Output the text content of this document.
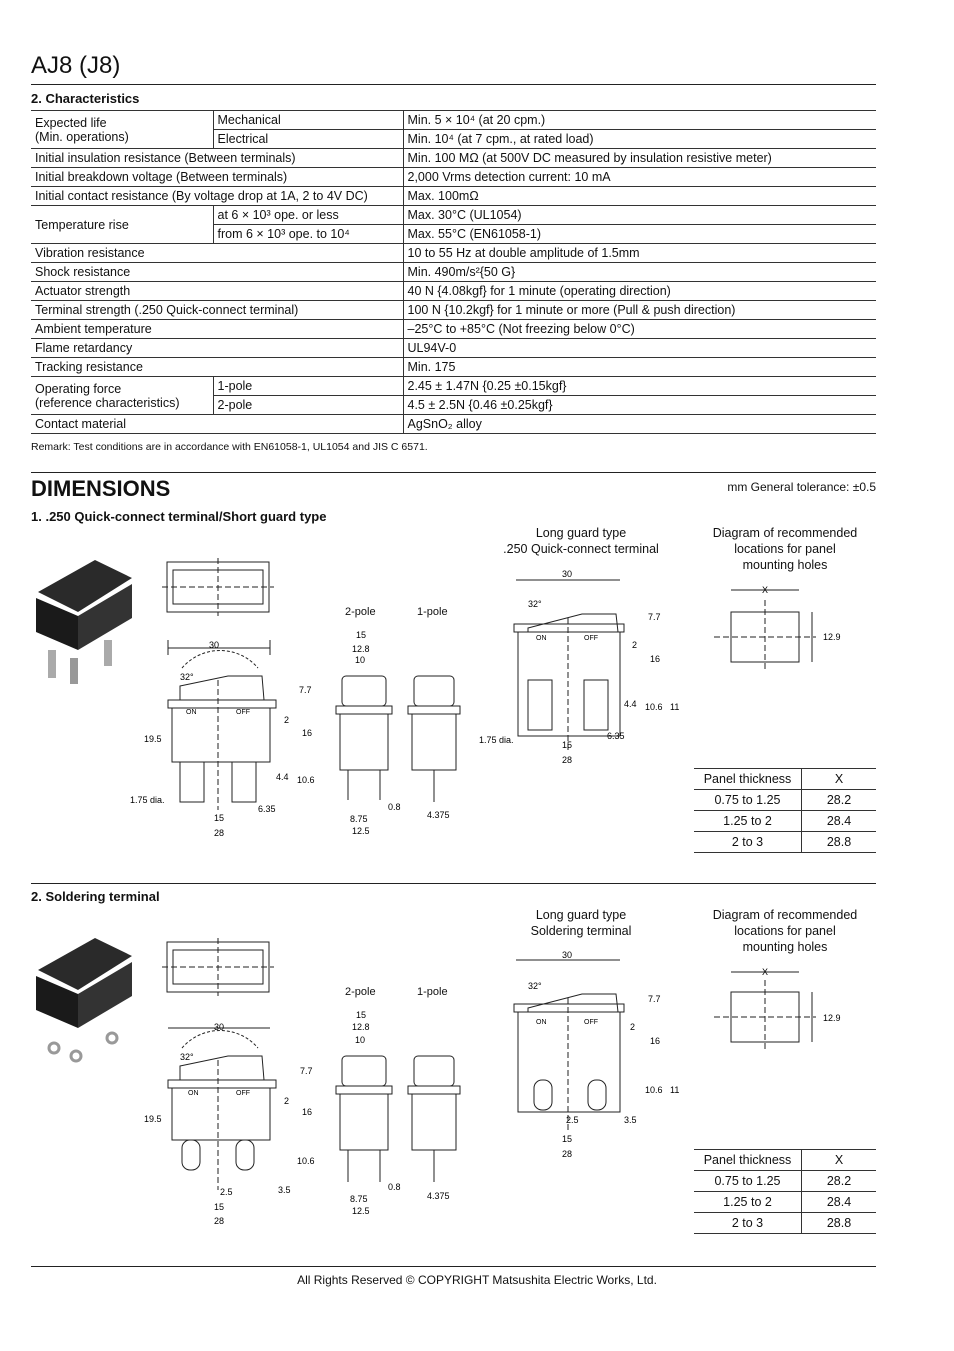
AJ8 (J8)
2. Characteristics
Expected life
(Min. operations)	Mechanical	Min. 5 × 10⁴ (at 20 cpm.)
	Electrical	Min. 10⁴ (at 7 cpm., at rated load)
Initial insulation resistance (Between terminals)		Min. 100 MΩ (at 500V DC measured by insulation resistive meter)
Initial breakdown voltage (Between terminals)		2,000 Vrms detection current: 10 mA
Initial contact resistance (By voltage drop at 1A, 2 to 4V DC)		Max. 100mΩ
Temperature rise	at 6 × 10³ ope. or less	Max. 30°C (UL1054)
	from 6 × 10³ ope. to 10⁴	Max. 55°C (EN61058-1)
Vibration resistance		10 to 55 Hz at double amplitude of 1.5mm
Shock resistance		Min. 490m/s²{50 G}
Actuator strength		40 N {4.08kgf} for 1 minute (operating direction)
Terminal strength (.250 Quick-connect terminal)		100 N {10.2kgf} for 1 minute or more (Pull & push direction)
Ambient temperature		–25°C to +85°C (Not freezing below 0°C)
Flame retardancy		UL94V-0
Tracking resistance		Min. 175

Operating force
(reference characteristics)	1-pole	2.45 ± 1.47N {0.25 ±0.15kgf}
	2-pole	4.5 ± 2.5N {0.46 ±0.25kgf}
Contact material		AgSnO₂ alloy
Remark: Test conditions are in accordance with EN61058-1, UL1054 and JIS C 6571.
DIMENSIONS	mm General tolerance: ±0.5
1. .250 Quick-connect terminal/Short guard type
Long guard type
.250 Quick-connect terminal
Diagram of recommended
locations for panel
mounting holes
2-pole	1-pole
30
32°
ON	OFF
7.7
2
16
19.5
4.4 10.6
1.75 dia.
6.35
15
28
15
12.8
10
0.8
8.75
12.5
4.375
30
32°
ON	OFF
7.7
2
16
4.4 10.6 11
1.75 dia.	6.35
15
28
X
12.9
Panel thickness	X
0.75 to 1.25	28.2
1.25 to 2	28.4
2 to 3	28.8
2. Soldering terminal
Long guard type
Soldering terminal
Diagram of recommended
locations for panel
mounting holes
2-pole	1-pole
30
32°
ON	OFF
7.7
2
16
19.5
10.6
2.5	3.5
15
28
15
12.8
10
0.8
8.75
12.5
4.375
30
32°
ON	OFF
7.7
2
16
10.6 11
2.5	3.5
15
28
X
12.9
Panel thickness	X
0.75 to 1.25	28.2
1.25 to 2	28.4
2 to 3	28.8
All Rights Reserved © COPYRIGHT Matsushita Electric Works, Ltd.
